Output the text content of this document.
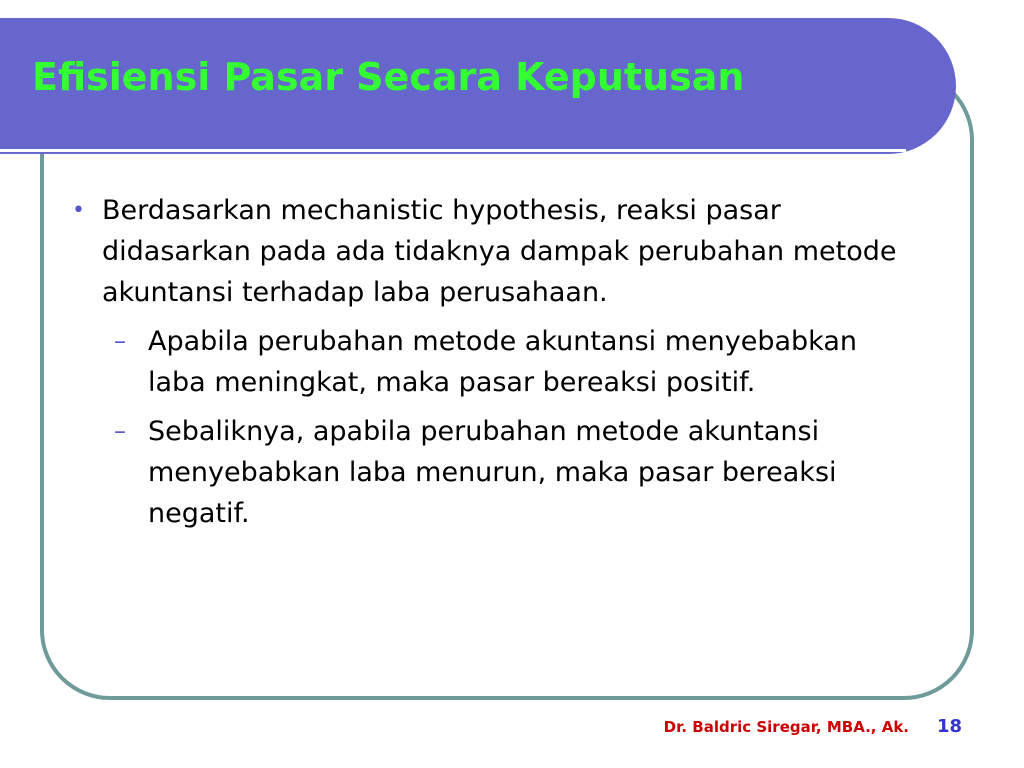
Efisiensi Pasar Secara Keputusan
• Berdasarkan mechanistic hypothesis, reaksi pasar didasarkan pada ada tidaknya dampak perubahan metode akuntansi terhadap laba perusahaan.
– Apabila perubahan metode akuntansi menyebabkan laba meningkat, maka pasar bereaksi positif.
– Sebaliknya, apabila perubahan metode akuntansi menyebabkan laba menurun, maka pasar bereaksi negatif.
Dr. Baldric Siregar, MBA., Ak. 18
